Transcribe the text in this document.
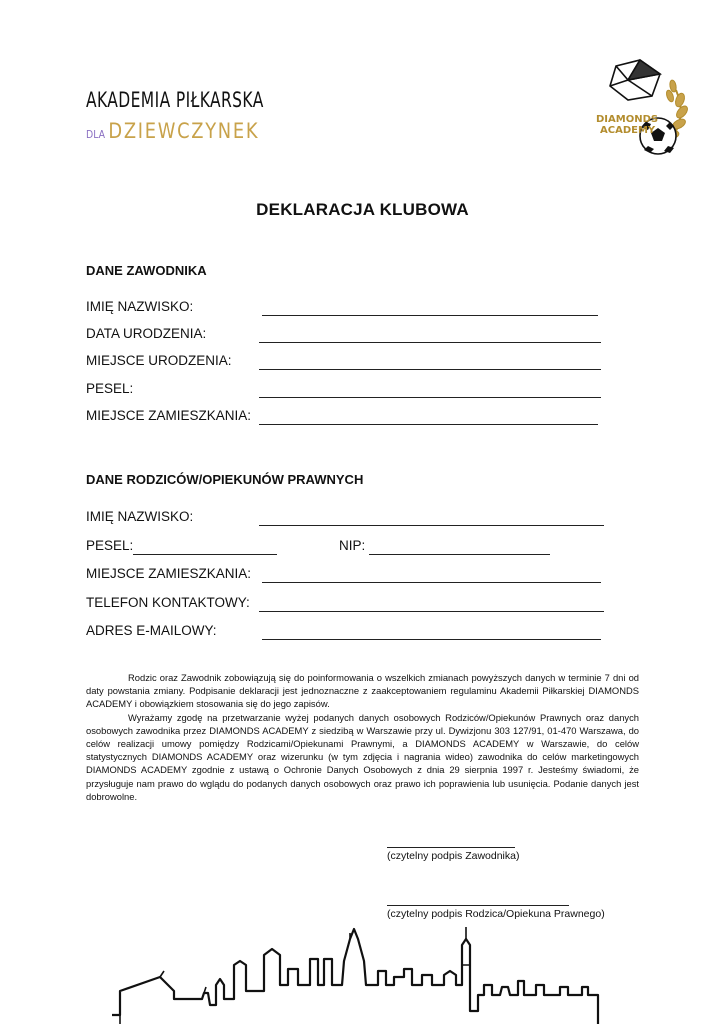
AKADEMIA PIŁKARSKA
DLA DZIEWCZYNEK	DIAMONDS
ACADEMY
DEKLARACJA KLUBOWA
DANE ZAWODNIKA
IMIĘ NAZWISKO:
DATA URODZENIA:
MIEJSCE URODZENIA:
PESEL:
MIEJSCE ZAMIESZKANIA:
DANE RODZICÓW/OPIEKUNÓW PRAWNYCH
IMIĘ NAZWISKO:
PESEL:	NIP:
MIEJSCE ZAMIESZKANIA:
TELEFON KONTAKTOWY:
ADRES E-MAILOWY:

Rodzic oraz Zawodnik zobowiązują się do poinformowania o wszelkich zmianach powyższych danych w terminie 7 dni od daty powstania zmiany. Podpisanie deklaracji jest jednoznaczne z zaakceptowaniem regulaminu Akademii Piłkarskiej DIAMONDS ACADEMY i obowiązkiem stosowania się do jego zapisów.

Wyrażamy zgodę na przetwarzanie wyżej podanych danych osobowych Rodziców/Opiekunów Prawnych oraz danych osobowych zawodnika przez DIAMONDS ACADEMY z siedzibą w Warszawie przy ul. Dywizjonu 303 127/91, 01-470 Warszawa, do celów realizacji umowy pomiędzy Rodzicami/Opiekunami Prawnymi, a DIAMONDS ACADEMY w Warszawie, do celów statystycznych DIAMONDS ACADEMY oraz wizerunku (w tym zdjęcia i nagrania wideo) zawodnika do celów marketingowych DIAMONDS ACADEMY zgodnie z ustawą o Ochronie Danych Osobowych z dnia 29 sierpnia 1997 r. Jesteśmy świadomi, że przysługuje nam prawo do wglądu do podanych danych osobowych oraz prawo ich poprawienia lub usunięcia. Podanie danych jest dobrowolne.

(czytelny podpis Zawodnika)
(czytelny podpis Rodzica/Opiekuna Prawnego)
